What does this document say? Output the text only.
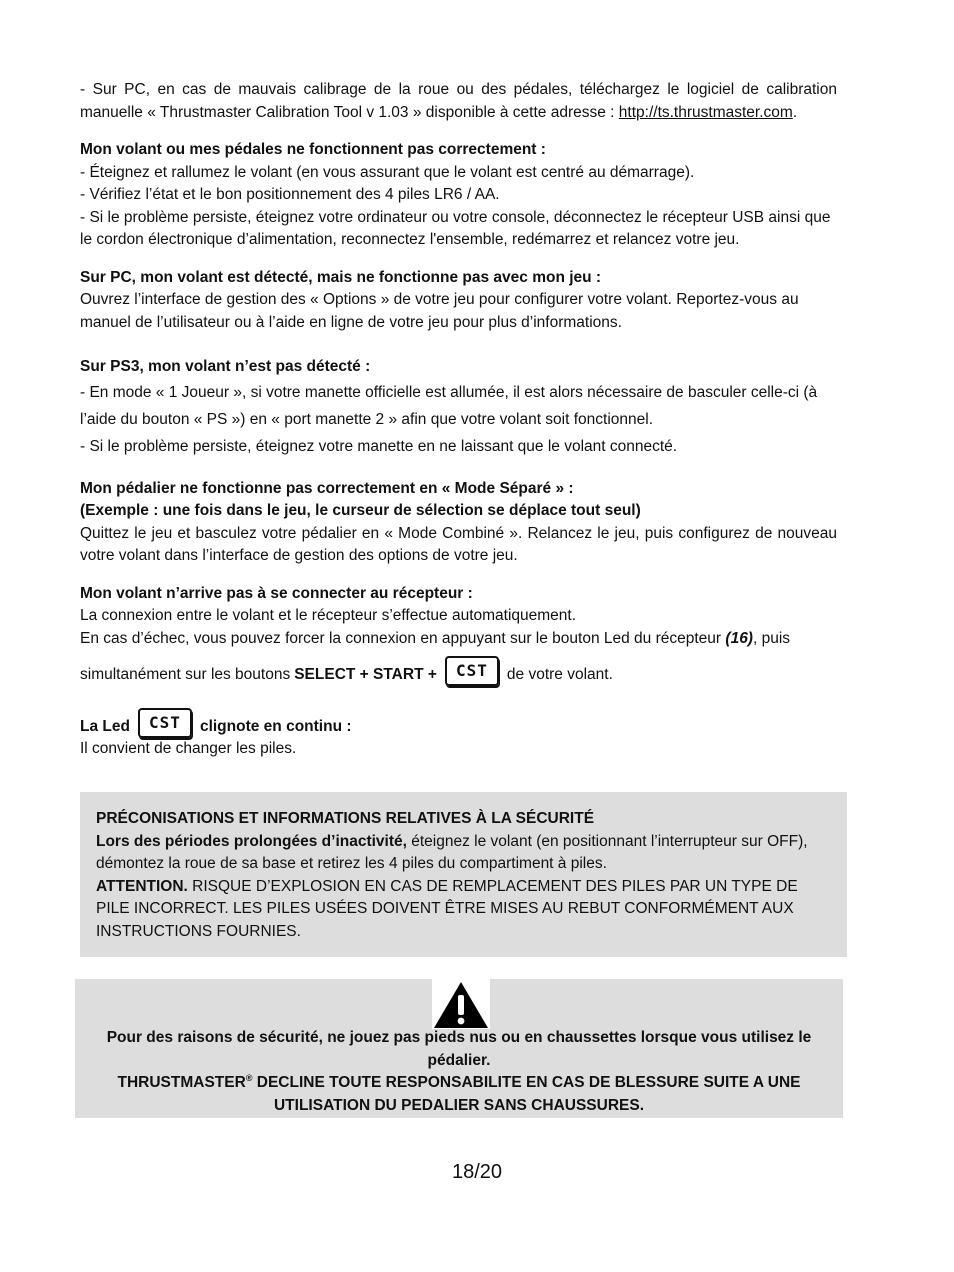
- Sur PC, en cas de mauvais calibrage de la roue ou des pédales, téléchargez le logiciel de calibration manuelle « Thrustmaster Calibration Tool v 1.03 » disponible à cette adresse : http://ts.thrustmaster.com.

Mon volant ou mes pédales ne fonctionnent pas correctement :

- Éteignez et rallumez le volant (en vous assurant que le volant est centré au démarrage).

- Vérifiez l’état et le bon positionnement des 4 piles LR6 / AA.

- Si le problème persiste, éteignez votre ordinateur ou votre console, déconnectez le récepteur USB ainsi que le cordon électronique d’alimentation, reconnectez l'ensemble, redémarrez et relancez votre jeu.

Sur PC, mon volant est détecté, mais ne fonctionne pas avec mon jeu :

Ouvrez l’interface de gestion des « Options » de votre jeu pour configurer votre volant. Reportez-vous au manuel de l’utilisateur ou à l’aide en ligne de votre jeu pour plus d’informations.

Sur PS3, mon volant n’est pas détecté :

- En mode « 1 Joueur », si votre manette officielle est allumée, il est alors nécessaire de basculer celle-ci (à l’aide du bouton « PS ») en « port manette 2 » afin que votre volant soit fonctionnel.

- Si le problème persiste, éteignez votre manette en ne laissant que le volant connecté.

Mon pédalier ne fonctionne pas correctement en « Mode Séparé » :

(Exemple : une fois dans le jeu, le curseur de sélection se déplace tout seul)

Quittez le jeu et basculez votre pédalier en « Mode Combiné ». Relancez le jeu, puis configurez de nouveau votre volant dans l’interface de gestion des options de votre jeu.

Mon volant n’arrive pas à se connecter au récepteur :

La connexion entre le volant et le récepteur s’effectue automatiquement.

En cas d’échec, vous pouvez forcer la connexion en appuyant sur le bouton Led du récepteur (16), puis

simultanément sur les boutons SELECT + START +	CST	de votre volant.

La Led	CST	clignote en continu :

Il convient de changer les piles.

PRÉCONISATIONS ET INFORMATIONS RELATIVES À LA SÉCURITÉ

Lors des périodes prolongées d’inactivité, éteignez le volant (en positionnant l’interrupteur sur OFF), démontez la roue de sa base et retirez les 4 piles du compartiment à piles.

ATTENTION. RISQUE D’EXPLOSION EN CAS DE REMPLACEMENT DES PILES PAR UN TYPE DE PILE INCORRECT. LES PILES USÉES DOIVENT ÊTRE MISES AU REBUT CONFORMÉMENT AUX INSTRUCTIONS FOURNIES.

Pour des raisons de sécurité, ne jouez pas pieds nus ou en chaussettes lorsque vous utilisez le pédalier.

THRUSTMASTER® DECLINE TOUTE RESPONSABILITE EN CAS DE BLESSURE SUITE A UNE UTILISATION DU PEDALIER SANS CHAUSSURES.

18/20
